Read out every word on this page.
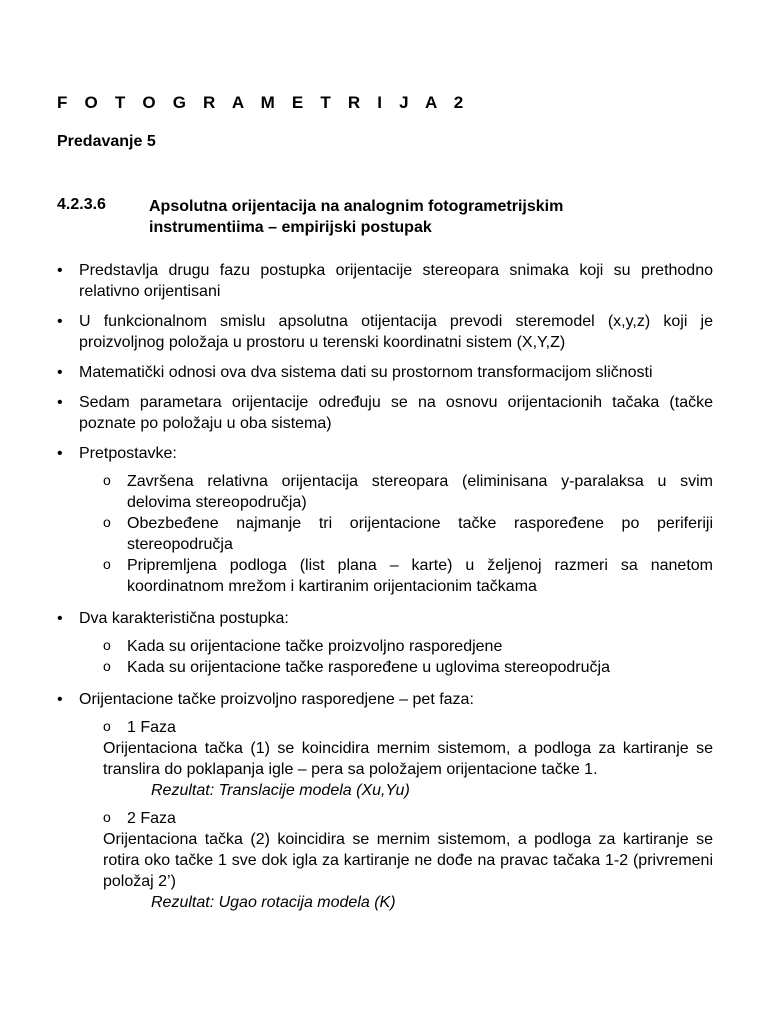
F O T O G R A M E T R I J A 2
Predavanje 5
4.2.3.6	Apsolutna orijentacija na analognim fotogrametrijskim
instrumentiima – empirijski postupak
• Predstavlja drugu fazu postupka orijentacije stereopara snimaka koji su prethodno relativno orijentisani
• U funkcionalnom smislu apsolutna otijentacija prevodi steremodel (x,y,z) koji je proizvoljnog položaja u prostoru u terenski koordinatni sistem (X,Y,Z)
• Matematički odnosi ova dva sistema dati su prostornom transformacijom sličnosti
• Sedam parametara orijentacije određuju se na osnovu orijentacionih tačaka (tačke poznate po položaju u oba sistema)
• Pretpostavke:
o Završena relativna orijentacija stereopara (eliminisana y-paralaksa u svim delovima stereopodručja)
o Obezbeđene najmanje tri orijentacione tačke raspoređene po periferiji stereopodručja
o Pripremljena podloga (list plana – karte) u željenoj razmeri sa nanetom koordinatnom mrežom i kartiranim orijentacionim tačkama
• Dva karakteristična postupka:
o Kada su orijentacione tačke proizvoljno rasporedjene
o Kada su orijentacione tačke raspoređene u uglovima stereopodručja
• Orijentacione tačke proizvoljno rasporedjene – pet faza:
o 1 Faza
Orijentaciona tačka (1) se koincidira mernim sistemom, a podloga za kartiranje se translira do poklapanja igle – pera sa položajem orijentacione tačke 1.
Rezultat: Translacije modela (Xu,Yu)
o 2 Faza
Orijentaciona tačka (2) koincidira se mernim sistemom, a podloga za kartiranje se rotira oko tačke 1 sve dok igla za kartiranje ne dođe na pravac tačaka 1-2 (privremeni položaj 2’)
Rezultat: Ugao rotacija modela (Κ)
